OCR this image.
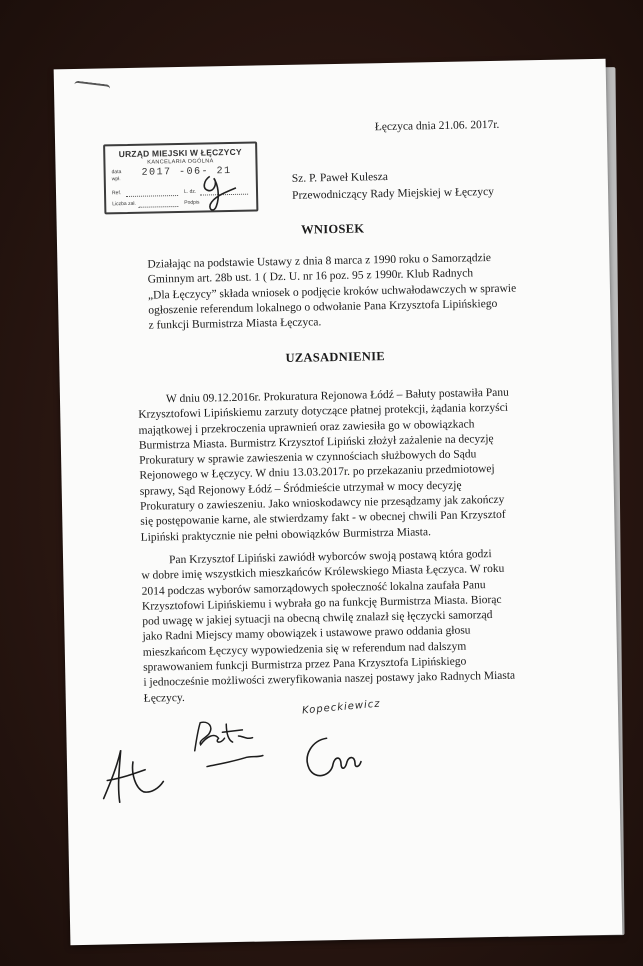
Łęczyca dnia 21.06. 2017r.
URZĄD MIEJSKI W ŁĘCZYCY
KANCELARIA OGÓLNA
data
wpł.
2017 -06- 21
Ref.	L. dz.
Liczba zał.	Podpis
Sz. P. Paweł Kulesza
Przewodniczący Rady Miejskiej w Łęczycy
WNIOSEK
Działając na podstawie Ustawy z dnia 8 marca z 1990 roku o Samorządzie
Gminnym art. 28b ust. 1 ( Dz. U. nr 16 poz. 95 z 1990r. Klub Radnych
„Dla Łęczycy” składa wniosek o podjęcie kroków uchwałodawczych w sprawie
ogłoszenie referendum lokalnego o odwołanie Pana Krzysztofa Lipińskiego
z funkcji Burmistrza Miasta Łęczyca.
UZASADNIENIE
W dniu 09.12.2016r. Prokuratura Rejonowa Łódź – Bałuty postawiła Panu
Krzysztofowi Lipińskiemu zarzuty dotyczące płatnej protekcji, żądania korzyści
majątkowej i przekroczenia uprawnień oraz zawiesiła go w obowiązkach
Burmistrza Miasta. Burmistrz Krzysztof Lipiński złożył zażalenie na decyzję
Prokuratury w sprawie zawieszenia w czynnościach służbowych do Sądu
Rejonowego w Łęczycy. W dniu 13.03.2017r. po przekazaniu przedmiotowej
sprawy, Sąd Rejonowy Łódź – Śródmieście utrzymał w mocy decyzję
Prokuratury o zawieszeniu. Jako wnioskodawcy nie przesądzamy jak zakończy
się postępowanie karne, ale stwierdzamy fakt - w obecnej chwili Pan Krzysztof
Lipiński praktycznie nie pełni obowiązków Burmistrza Miasta.
Pan Krzysztof Lipiński zawiódł wyborców swoją postawą która godzi
w dobre imię wszystkich mieszkańców Królewskiego Miasta Łęczyca. W roku
2014 podczas wyborów samorządowych społeczność lokalna zaufała Panu
Krzysztofowi Lipińskiemu i wybrała go na funkcję Burmistrza Miasta. Biorąc
pod uwagę w jakiej sytuacji na obecną chwilę znalazł się łęczycki samorząd
jako Radni Miejscy mamy obowiązek i ustawowe prawo oddania głosu
mieszkańcom Łęczycy wypowiedzenia się w referendum nad dalszym
sprawowaniem funkcji Burmistrza przez Pana Krzysztofa Lipińskiego
i jednocześnie możliwości zweryfikowania naszej postawy jako Radnych Miasta
Łęczycy.
Kopeckiewicz
